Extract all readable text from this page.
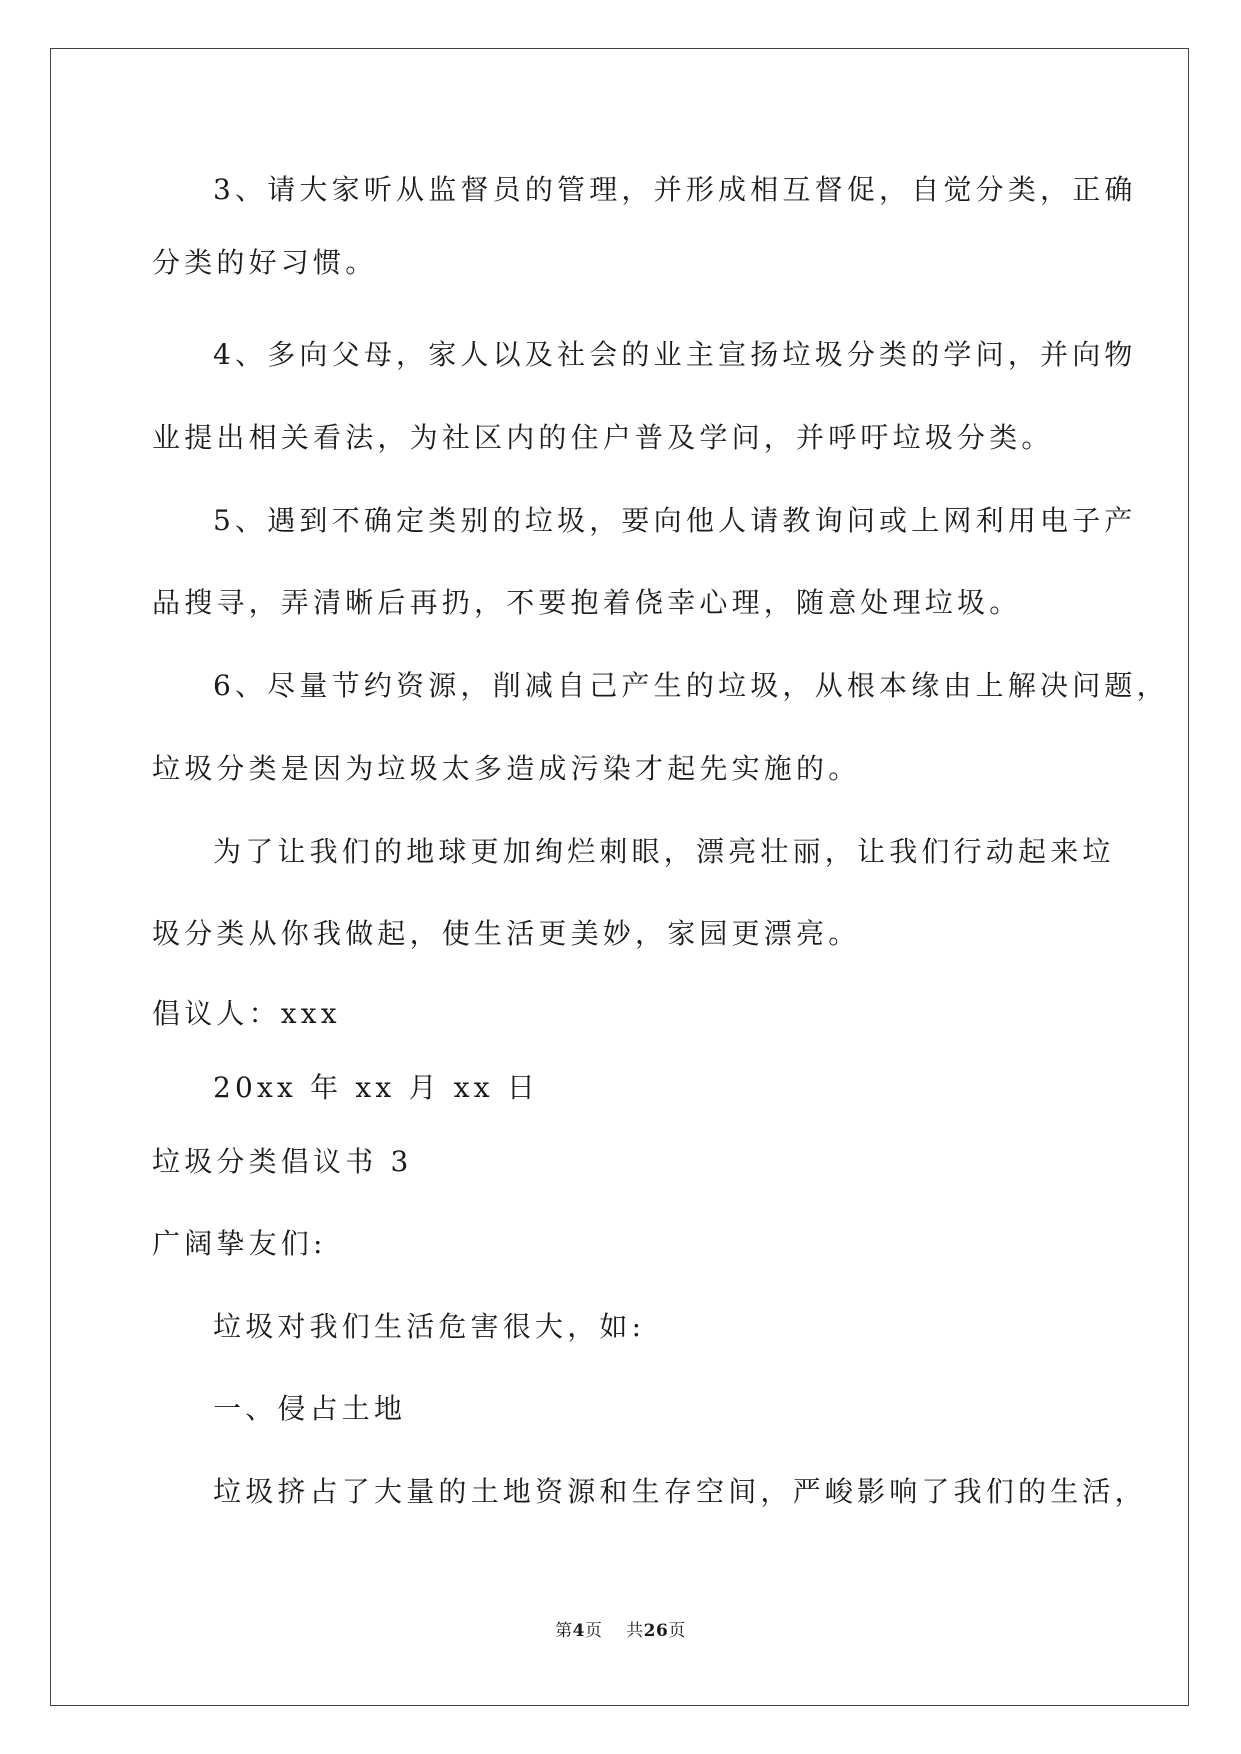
3、请大家听从监督员的管理，并形成相互督促，自觉分类，正确
分类的好习惯。
4、多向父母，家人以及社会的业主宣扬垃圾分类的学问，并向物
业提出相关看法，为社区内的住户普及学问，并呼吁垃圾分类。
5、遇到不确定类别的垃圾，要向他人请教询问或上网利用电子产
品搜寻，弄清晰后再扔，不要抱着侥幸心理，随意处理垃圾。
6、尽量节约资源，削减自己产生的垃圾，从根本缘由上解决问题，
垃圾分类是因为垃圾太多造成污染才起先实施的。
为了让我们的地球更加绚烂刺眼，漂亮壮丽，让我们行动起来垃
圾分类从你我做起，使生活更美妙，家园更漂亮。
倡议人：xxx
20xx 年 xx 月 xx 日
垃圾分类倡议书 3
广阔挚友们:
垃圾对我们生活危害很大，如:
一、侵占土地
垃圾挤占了大量的土地资源和生存空间，严峻影响了我们的生活，
第4页 共26页
